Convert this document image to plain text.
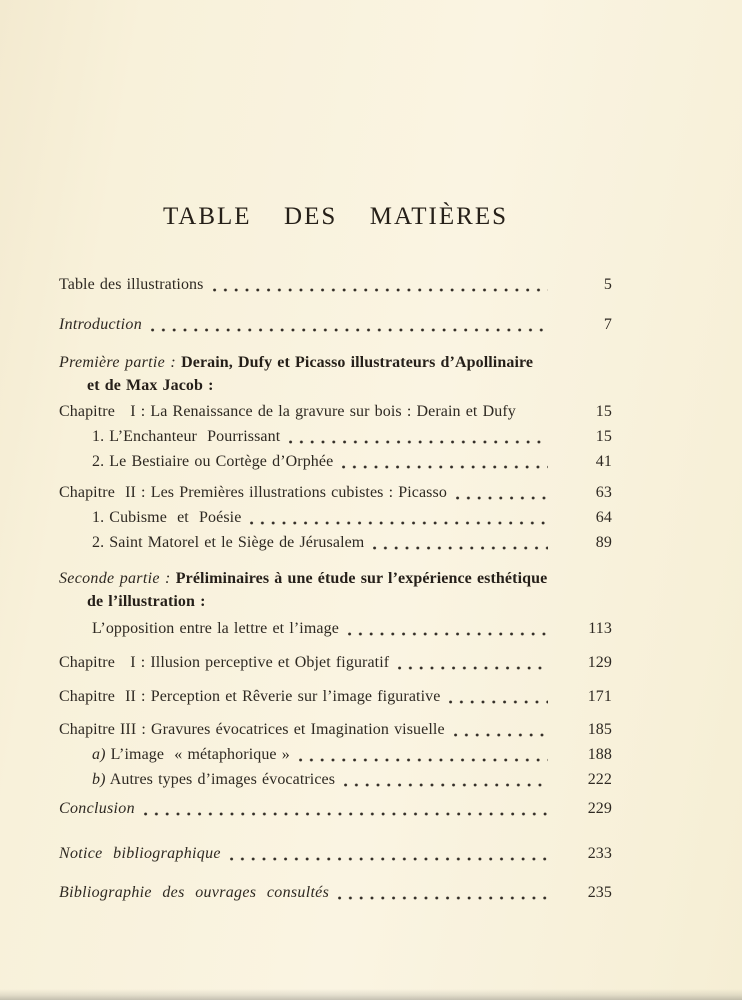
TABLE  DES  MATIÈRES
Table des illustrations	5
Introduction	7
Première partie : Derain, Dufy et Picasso illustrateurs d’Apollinaire
et de Max Jacob :
Chapitre   I : La Renaissance de la gravure sur bois : Derain et Dufy	15
1. L’Enchanteur  Pourrissant	15
2. Le Bestiaire ou Cortège d’Orphée	41
Chapitre  II : Les Premières illustrations cubistes : Picasso	63
1. Cubisme  et  Poésie	64
2. Saint Matorel et le Siège de Jérusalem	89
Seconde partie : Préliminaires à une étude sur l’expérience esthétique
de l’illustration :
L’opposition entre la lettre et l’image	113
Chapitre   I : Illusion perceptive et Objet figuratif	129
Chapitre  II : Perception et Rêverie sur l’image figurative	171
Chapitre III : Gravures évocatrices et Imagination visuelle	185
a) L’image  « métaphorique »	188
b) Autres types d’images évocatrices	222
Conclusion	229
Notice  bibliographique	233
Bibliographie  des  ouvrages  consultés	235
